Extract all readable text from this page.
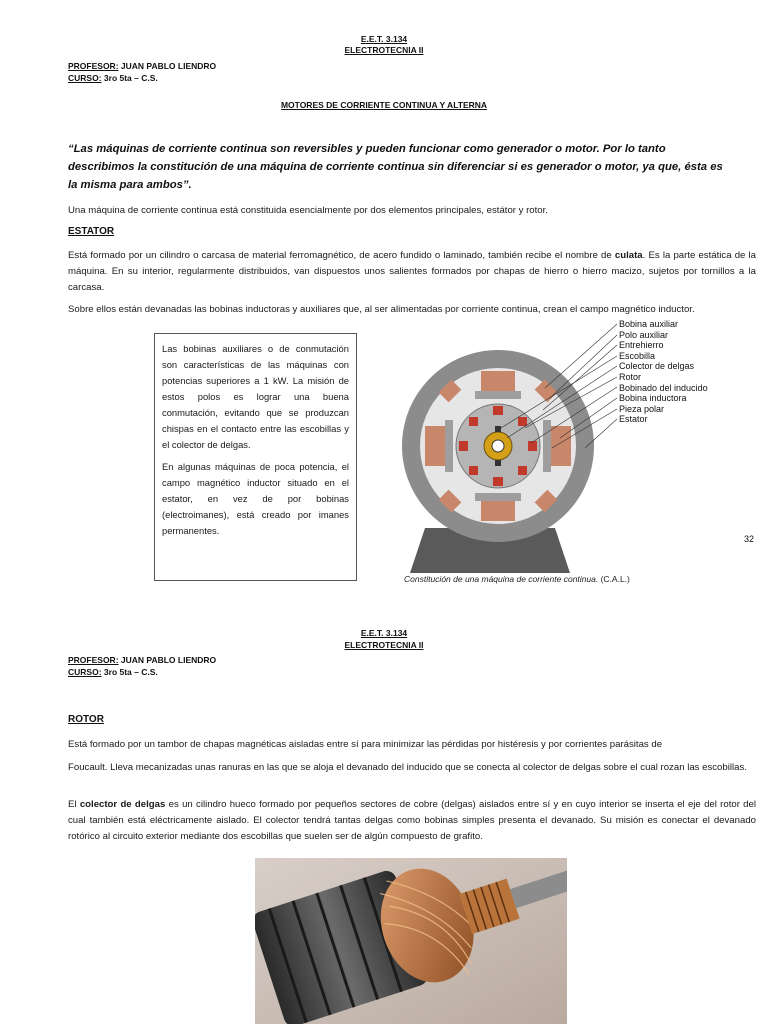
E.E.T. 3.134
ELECTROTECNIA II
PROFESOR: JUAN PABLO LIENDRO
CURSO: 3ro 5ta – C.S.
MOTORES DE CORRIENTE CONTINUA Y ALTERNA
“Las máquinas de corriente continua son reversibles y pueden funcionar como generador o motor. Por lo tanto
describimos la constitución de una máquina de corriente continua sin diferenciar si es generador o motor, ya que, ésta es
la misma para ambos”.
Una máquina de corriente continua está constituida esencialmente por dos elementos principales, estátor y rotor.
ESTATOR
Está formado por un cilindro o carcasa de material ferromagnético, de acero fundido o laminado, también recibe el nombre de culata. Es la parte estática de la máquina. En su interior, regularmente distribuidos, van dispuestos unos salientes formados por chapas de hierro o hierro macizo, sujetos por tornillos a la carcasa.
Sobre ellos están devanadas las bobinas inductoras y auxiliares que, al ser alimentadas por corriente continua, crean el campo magnético inductor.

Las bobinas auxiliares o de conmutación son características de las máquinas con potencias superiores a 1 kW. La misión de estos polos es lograr una buena conmutación, evitando que se produzcan chispas en el contacto entre las escobillas y el colector de delgas.

En algunas máquinas de poca potencia, el campo magnético inductor situado en el estator, en vez de por bobinas (electroimanes), está creado por imanes permanentes.

Bobina auxiliar
Polo auxiliar
Entrehierro
Escobilla
Colector de delgas
Rotor
Bobinado del inducido
Bobina inductora
Pieza polar
Estator
Constitución de una máquina de corriente continua. (C.A.L.)
32
E.E.T. 3.134
ELECTROTECNIA II
PROFESOR: JUAN PABLO LIENDRO
CURSO: 3ro 5ta – C.S.
ROTOR
Está formado por un tambor de chapas magnéticas aisladas entre sí para minimizar las pérdidas por histéresis y por corrientes parásitas de
Foucault. Lleva mecanizadas unas ranuras en las que se aloja el devanado del inducido que se conecta al colector de delgas sobre el cual rozan las escobillas.
El colector de delgas es un cilindro hueco formado por pequeños sectores de cobre (delgas) aislados entre sí y en cuyo interior se inserta el eje del rotor del cual también está eléctricamente aislado. El colector tendrá tantas delgas como bobinas simples presenta el devanado. Su misión es conectar el devanado rotórico al circuito exterior mediante dos escobillas que suelen ser de algún compuesto de grafito.
